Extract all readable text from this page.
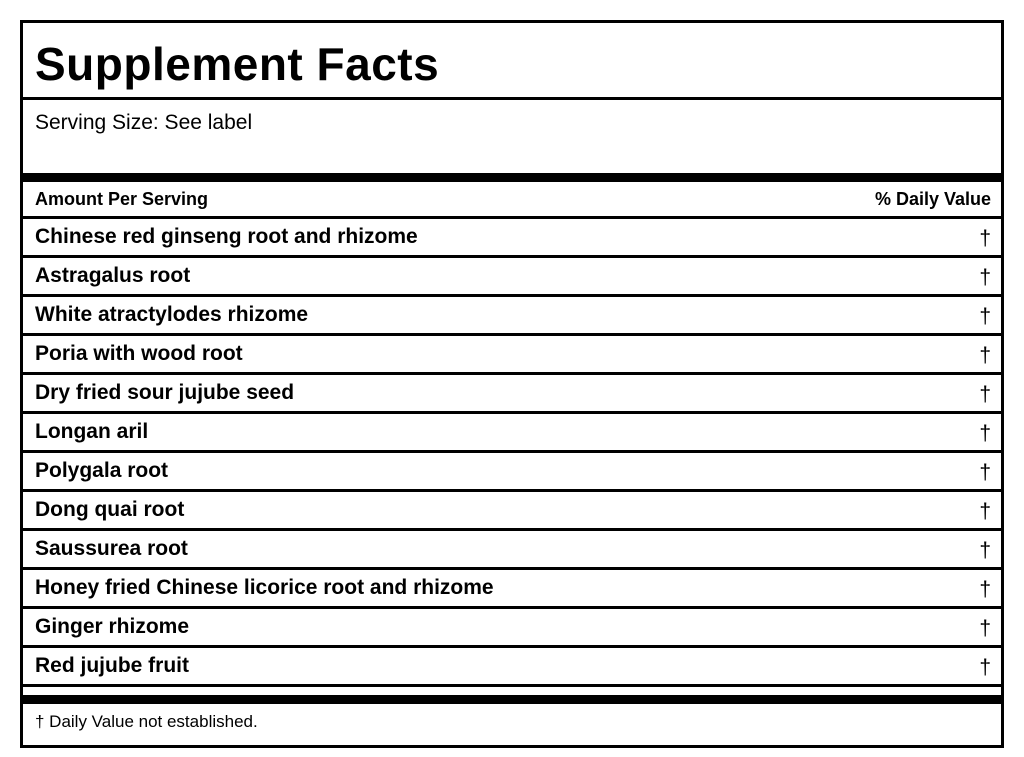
Supplement Facts
Serving Size: See label
Amount Per Serving	% Daily Value
Chinese red ginseng root and rhizome	†
Astragalus root	†
White atractylodes rhizome	†
Poria with wood root	†
Dry fried sour jujube seed	†
Longan aril	†
Polygala root	†
Dong quai root	†
Saussurea root	†
Honey fried Chinese licorice root and rhizome	†
Ginger rhizome	†
Red jujube fruit	†
† Daily Value not established.
